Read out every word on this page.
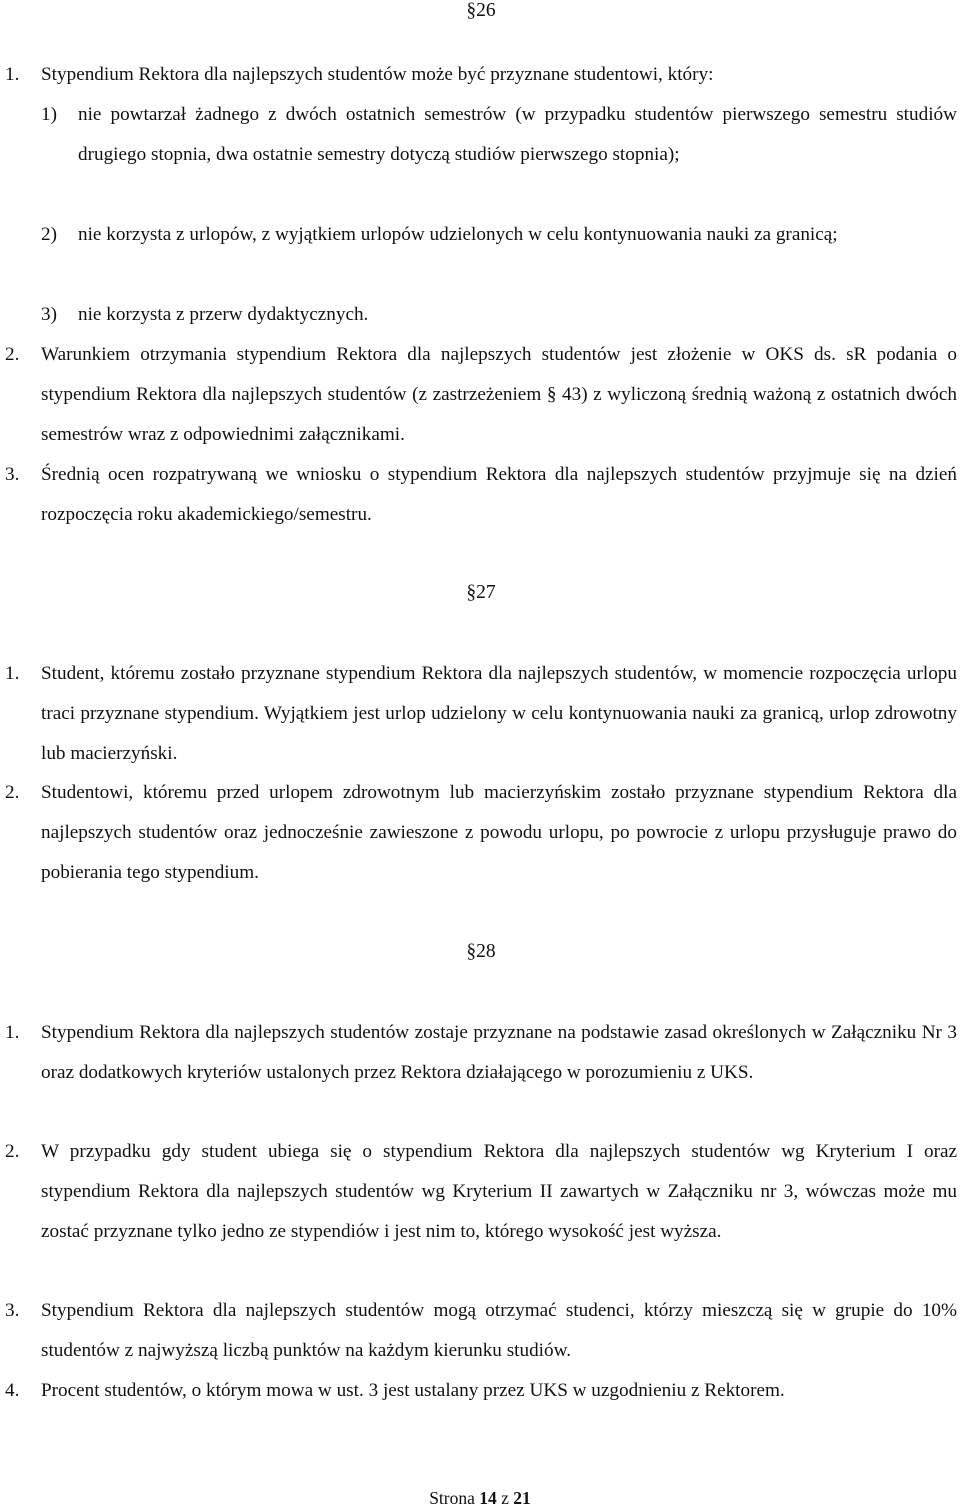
§26
1. Stypendium Rektora dla najlepszych studentów może być przyznane studentowi, który:
1) nie powtarzał żadnego z dwóch ostatnich semestrów (w przypadku studentów pierwszego semestru studiów drugiego stopnia, dwa ostatnie semestry dotyczą studiów pierwszego stopnia);
2) nie korzysta z urlopów, z wyjątkiem urlopów udzielonych w celu kontynuowania nauki za granicą;
3) nie korzysta z przerw dydaktycznych.
2. Warunkiem otrzymania stypendium Rektora dla najlepszych studentów jest złożenie w OKS ds. sR podania o stypendium Rektora dla najlepszych studentów (z zastrzeżeniem § 43) z wyliczoną średnią ważoną z ostatnich dwóch semestrów wraz z odpowiednimi załącznikami.
3. Średnią ocen rozpatrywaną we wniosku o stypendium Rektora dla najlepszych studentów przyjmuje się na dzień rozpoczęcia roku akademickiego/semestru.
§27
1. Student, któremu zostało przyznane stypendium Rektora dla najlepszych studentów, w momencie rozpoczęcia urlopu traci przyznane stypendium. Wyjątkiem jest urlop udzielony w celu kontynuowania nauki za granicą, urlop zdrowotny lub macierzyński.
2. Studentowi, któremu przed urlopem zdrowotnym lub macierzyńskim zostało przyznane stypendium Rektora dla najlepszych studentów oraz jednocześnie zawieszone z powodu urlopu, po powrocie z urlopu przysługuje prawo do pobierania tego stypendium.
§28
1. Stypendium Rektora dla najlepszych studentów zostaje przyznane na podstawie zasad określonych w Załączniku Nr 3 oraz dodatkowych kryteriów ustalonych przez Rektora działającego w porozumieniu z UKS.
2. W przypadku gdy student ubiega się o stypendium Rektora dla najlepszych studentów wg Kryterium I oraz stypendium Rektora dla najlepszych studentów wg Kryterium II zawartych w Załączniku nr 3, wówczas może mu zostać przyznane tylko jedno ze stypendiów i jest nim to, którego wysokość jest wyższa.
3. Stypendium Rektora dla najlepszych studentów mogą otrzymać studenci, którzy mieszczą się w grupie do 10% studentów z najwyższą liczbą punktów na każdym kierunku studiów.
4. Procent studentów, o którym mowa w ust. 3 jest ustalany przez UKS w uzgodnieniu z Rektorem.
Strona 14 z 21
